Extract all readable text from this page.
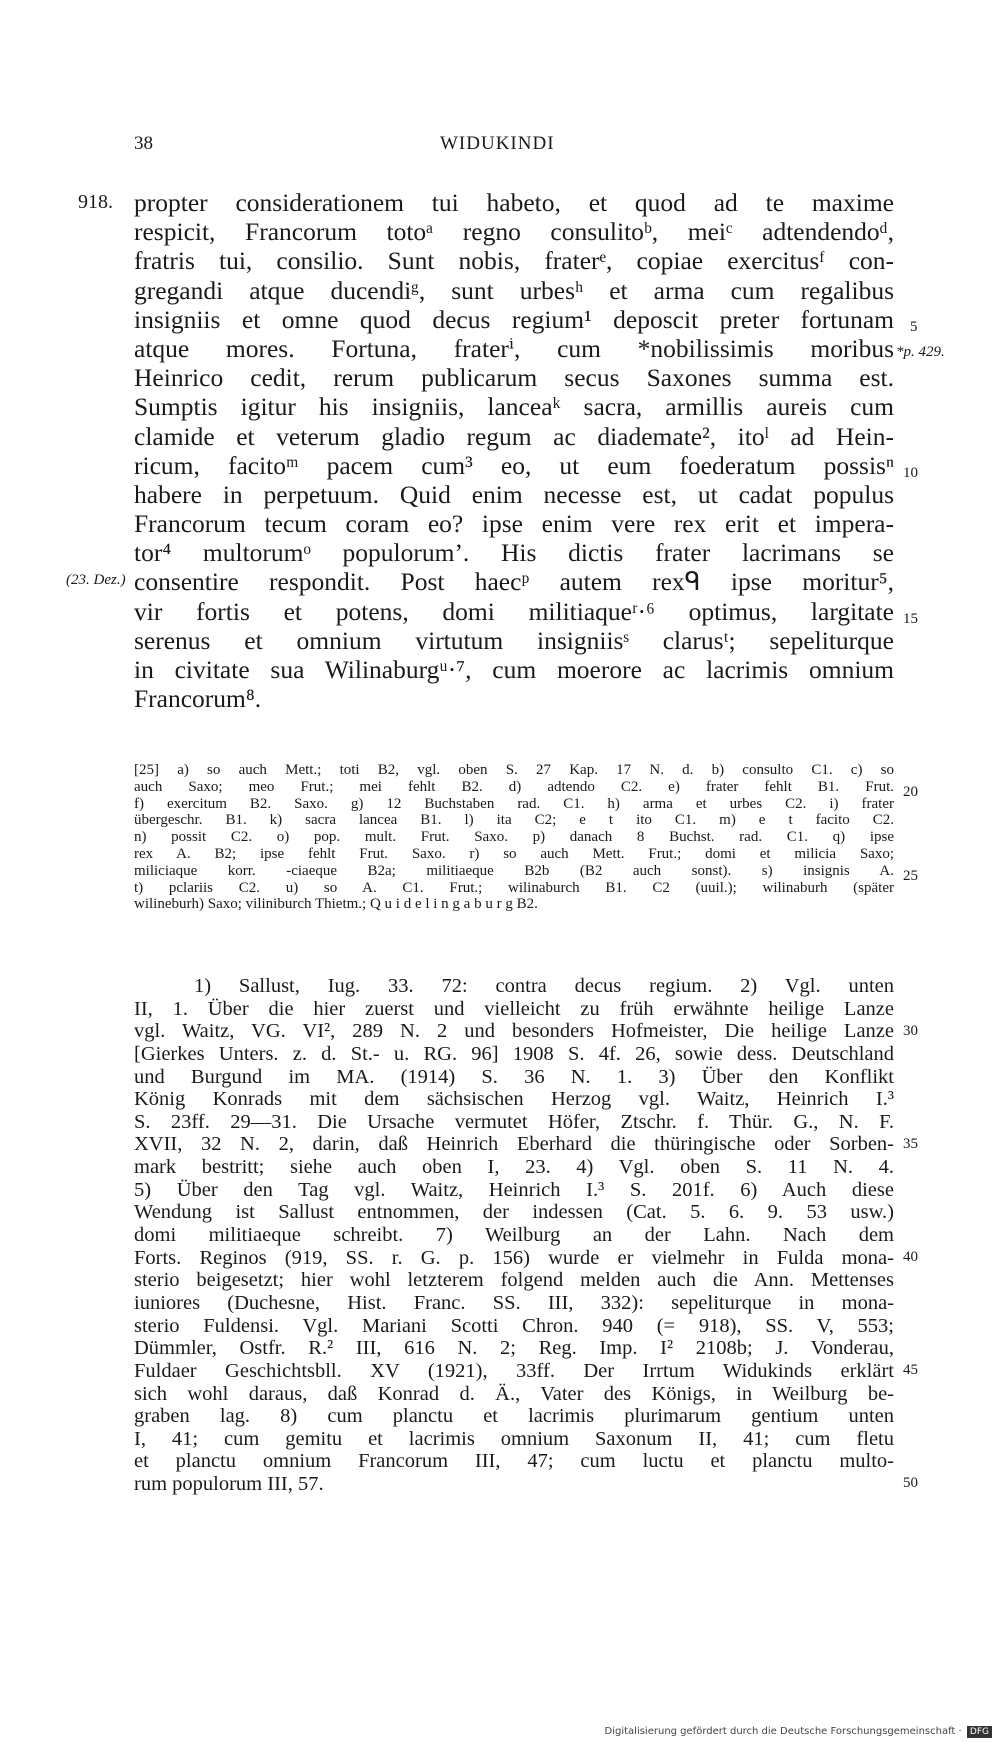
38	WIDUKINDI
918.
(23. Dez.)
*p. 429.
5
10
15
propter considerationem tui habeto, et quod ad te maxime
respicit, Francorum totoᵃ regno consulitoᵇ, meiᶜ adtendendoᵈ,
fratris tui, consilio. Sunt nobis, fraterᵉ, copiae exercitusᶠ con-
gregandi atque ducendiᵍ, sunt urbesʰ et arma cum regalibus
insigniis et omne quod decus regium¹ deposcit preter fortunam
atque mores. Fortuna, fraterⁱ, cum *nobilissimis moribus
Heinrico cedit, rerum publicarum secus Saxones summa est.
Sumptis igitur his insigniis, lanceaᵏ sacra, armillis aureis cum
clamide et veterum gladio regum ac diademate², itoˡ ad Hein-
ricum, facitoᵐ pacem cum³ eo, ut eum foederatum possisⁿ
habere in perpetuum. Quid enim necesse est, ut cadat populus
Francorum tecum coram eo? ipse enim vere rex erit et impera-
tor⁴ multorumᵒ populorum’. His dictis frater lacrimans se
consentire respondit. Post haecᵖ autem rexᑫ ipse moritur⁵,
vir fortis et potens, domi militiaqueʳ·⁶ optimus, largitate
serenus et omnium virtutum insigniisˢ clarusᵗ; sepeliturque
in civitate sua Wilinaburgᵘ·⁷, cum moerore ac lacrimis omnium
Francorum⁸.
20
25
[25] a) so auch Mett.; toti B2, vgl. oben S. 27 Kap. 17 N. d. b) consulto C1. c) so
auch Saxo; meo Frut.; mei fehlt B2. d) adtendo C2. e) frater fehlt B1. Frut.
f) exercitum B2. Saxo. g) 12 Buchstaben rad. C1. h) arma et urbes C2. i) frater
übergeschr. B1. k) sacra lancea B1. l) ita C2; e t ito C1. m) e t facito C2.
n) possit C2. o) pop. mult. Frut. Saxo. p) danach 8 Buchst. rad. C1. q) ipse
rex A. B2; ipse fehlt Frut. Saxo. r) so auch Mett. Frut.; domi et milicia Saxo;
miliciaque korr. -ciaeque B2a; militiaeque B2b (B2 auch sonst). s) insignis A.
t) pclariis C2. u) so A. C1. Frut.; wilinaburch B1. C2 (uuil.); wilinaburh (später
wilineburh) Saxo; viliniburch Thietm.; Q u i d e l i n g a b u r g B2.
30
35
40
45
50
1) Sallust, Iug. 33. 72: contra decus regium. 2) Vgl. unten
II, 1. Über die hier zuerst und vielleicht zu früh erwähnte heilige Lanze
vgl. Waitz, VG. VI², 289 N. 2 und besonders Hofmeister, Die heilige Lanze
[Gierkes Unters. z. d. St.- u. RG. 96] 1908 S. 4f. 26, sowie dess. Deutschland
und Burgund im MA. (1914) S. 36 N. 1. 3) Über den Konflikt
König Konrads mit dem sächsischen Herzog vgl. Waitz, Heinrich I.³
S. 23ff. 29—31. Die Ursache vermutet Höfer, Ztschr. f. Thür. G., N. F.
XVII, 32 N. 2, darin, daß Heinrich Eberhard die thüringische oder Sorben-
mark bestritt; siehe auch oben I, 23. 4) Vgl. oben S. 11 N. 4.
5) Über den Tag vgl. Waitz, Heinrich I.³ S. 201f. 6) Auch diese
Wendung ist Sallust entnommen, der indessen (Cat. 5. 6. 9. 53 usw.)
domi militiaeque schreibt. 7) Weilburg an der Lahn. Nach dem
Forts. Reginos (919, SS. r. G. p. 156) wurde er vielmehr in Fulda mona-
sterio beigesetzt; hier wohl letzterem folgend melden auch die Ann. Mettenses
iuniores (Duchesne, Hist. Franc. SS. III, 332): sepeliturque in mona-
sterio Fuldensi. Vgl. Mariani Scotti Chron. 940 (= 918), SS. V, 553;
Dümmler, Ostfr. R.² III, 616 N. 2; Reg. Imp. I² 2108b; J. Vonderau,
Fuldaer Geschichtsbll. XV (1921), 33ff. Der Irrtum Widukinds erklärt
sich wohl daraus, daß Konrad d. Ä., Vater des Königs, in Weilburg be-
graben lag. 8) cum planctu et lacrimis plurimarum gentium unten
I, 41; cum gemitu et lacrimis omnium Saxonum II, 41; cum fletu
et planctu omnium Francorum III, 47; cum luctu et planctu multo-
rum populorum III, 57.
Digitalisierung gefördert durch die Deutsche Forschungsgemeinschaft · DFG
